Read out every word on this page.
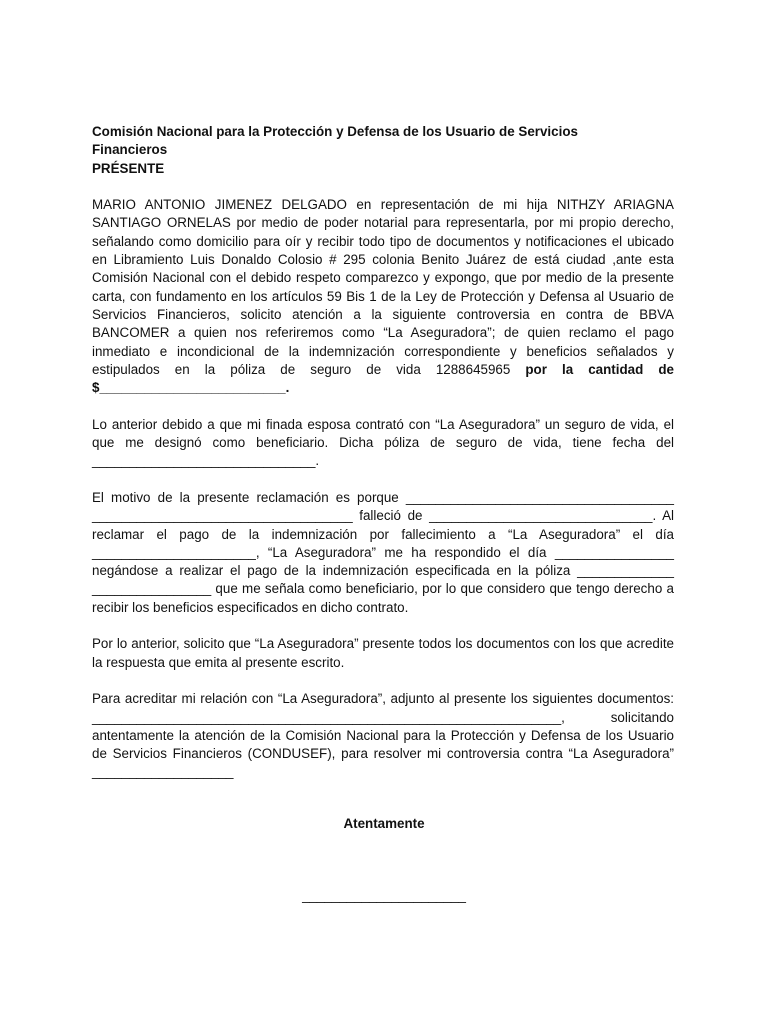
Comisión Nacional para la Protección y Defensa de los Usuario de Servicios

Financieros

PRÉSENTE

MARIO ANTONIO JIMENEZ DELGADO en representación de mi hija NITHZY ARIAGNA SANTIAGO ORNELAS por medio de poder notarial para representarla, por mi propio derecho, señalando como domicilio para oír y recibir todo tipo de documentos y notificaciones el ubicado en Libramiento Luis Donaldo Colosio # 295 colonia Benito Juárez de está ciudad ,ante esta Comisión Nacional con el debido respeto comparezco y expongo, que por medio de la presente carta, con fundamento en los artículos 59 Bis 1 de la Ley de Protección y Defensa al Usuario de Servicios Financieros, solicito atención a la siguiente controversia en contra de BBVA BANCOMER a quien nos referiremos como “La Aseguradora”; de quien reclamo el pago inmediato e incondicional de la indemnización correspondiente y beneficios señalados y estipulados en la póliza de seguro de vida 1288645965 por la cantidad de $_________________________.

Lo anterior debido a que mi finada esposa contrató con “La Aseguradora” un seguro de vida, el que me designó como beneficiario. Dicha póliza de seguro de vida, tiene fecha del ______________________________.

El motivo de la presente reclamación es porque ____________________________________ ___________________________________ falleció de ______________________________. Al reclamar el pago de la indemnización por fallecimiento a “La Aseguradora” el día ______________________, “La Aseguradora” me ha respondido el día ________________ negándose a realizar el pago de la indemnización especificada en la póliza _____________ ________________ que me señala como beneficiario, por lo que considero que tengo derecho a recibir los beneficios especificados en dicho contrato.

Por lo anterior, solicito que “La Aseguradora” presente todos los documentos con los que acredite la respuesta que emita al presente escrito.

Para acreditar mi relación con “La Aseguradora”, adjunto al presente los siguientes documentos: _______________________________________________________________, solicitando antentamente la atención de la Comisión Nacional para la Protección y Defensa de los Usuario de Servicios Financieros (CONDUSEF), para resolver mi controversia contra “La Aseguradora” ___________________

Atentamente
______________________
